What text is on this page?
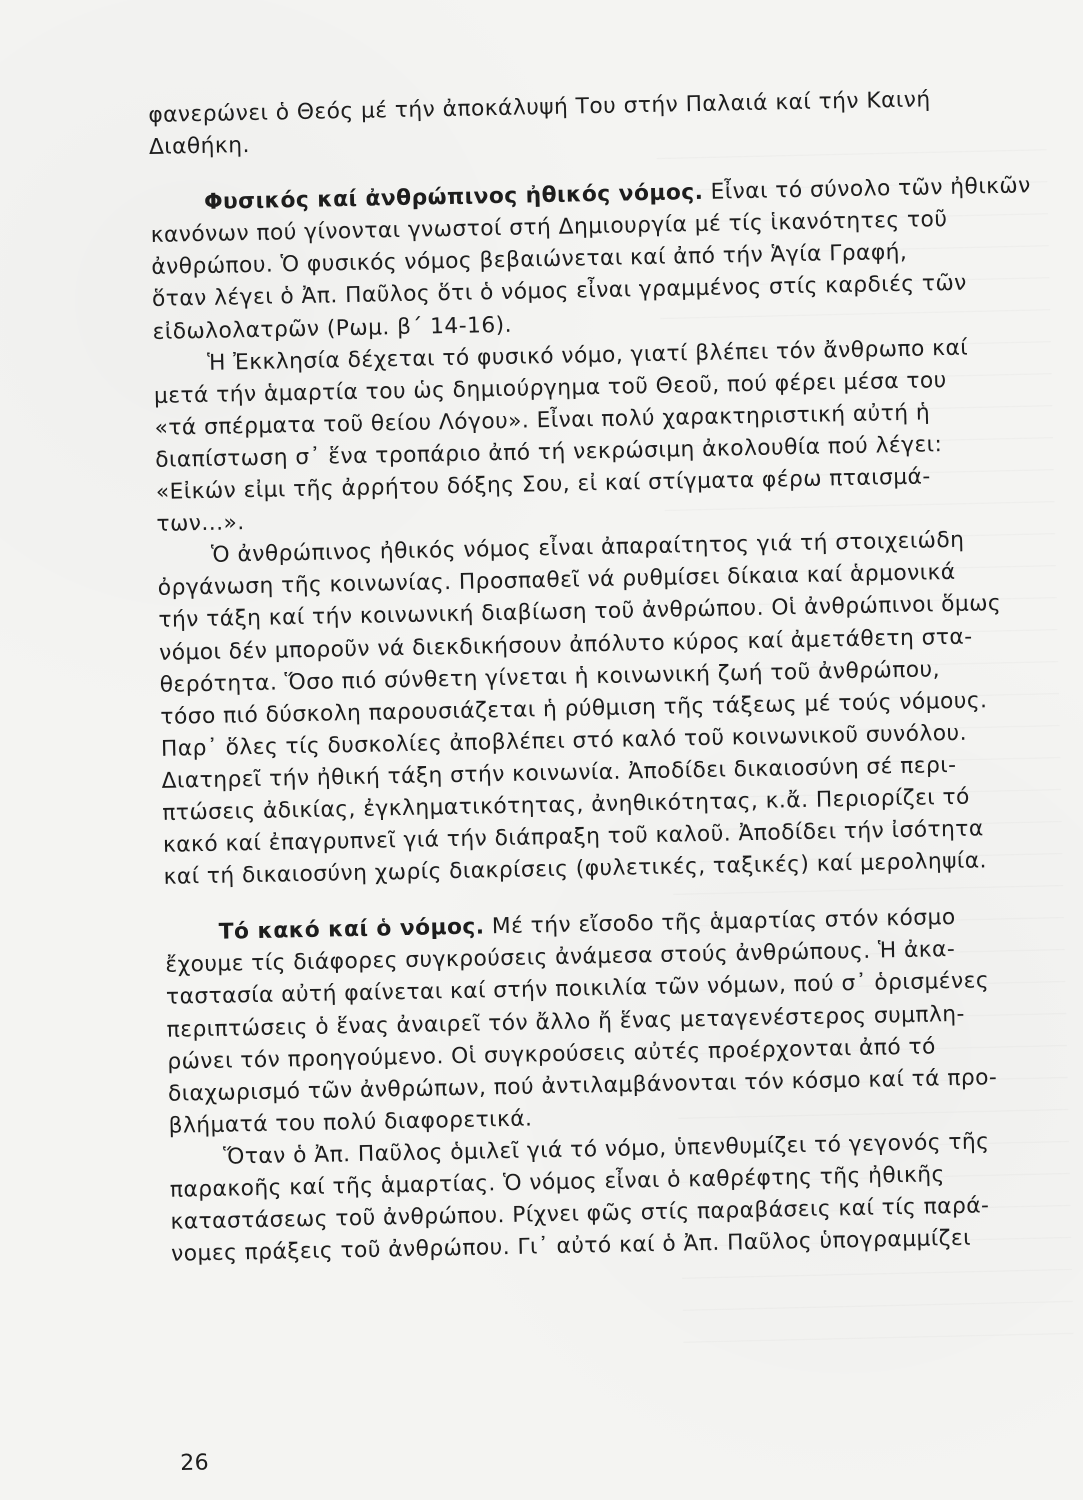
φανερώνει ὁ Θεός μέ τήν ἀποκάλυψή Του στήν Παλαιά καί τήν Καινή
Διαθήκη.
Φυσικός καί ἀνθρώπινος ἠθικός νόμος. Εἶναι τό σύνολο τῶν ἠθικῶν
κανόνων πού γίνονται γνωστοί στή Δημιουργία μέ τίς ἱκανότητες τοῦ
ἀνθρώπου. Ὁ φυσικός νόμος βεβαιώνεται καί ἀπό τήν Ἁγία Γραφή,
ὅταν λέγει ὁ Ἀπ. Παῦλος ὅτι ὁ νόμος εἶναι γραμμένος στίς καρδιές τῶν
εἰδωλολατρῶν (Ρωμ. β΄ 14-16).
Ἡ Ἐκκλησία δέχεται τό φυσικό νόμο, γιατί βλέπει τόν ἄνθρωπο καί
μετά τήν ἁμαρτία του ὡς δημιούργημα τοῦ Θεοῦ, πού φέρει μέσα του
«τά σπέρματα τοῦ θείου Λόγου». Εἶναι πολύ χαρακτηριστική αὐτή ἡ
διαπίστωση σ᾿ ἕνα τροπάριο ἀπό τή νεκρώσιμη ἀκολουθία πού λέγει:
«Εἰκών εἰμι τῆς ἀρρήτου δόξης Σου, εἰ καί στίγματα φέρω πταισμά-
των...».
Ὁ ἀνθρώπινος ἠθικός νόμος εἶναι ἀπαραίτητος γιά τή στοιχειώδη
ὀργάνωση τῆς κοινωνίας. Προσπαθεῖ νά ρυθμίσει δίκαια καί ἁρμονικά
τήν τάξη καί τήν κοινωνική διαβίωση τοῦ ἀνθρώπου. Οἱ ἀνθρώπινοι ὅμως
νόμοι δέν μποροῦν νά διεκδικήσουν ἀπόλυτο κύρος καί ἀμετάθετη στα-
θερότητα. Ὅσο πιό σύνθετη γίνεται ἡ κοινωνική ζωή τοῦ ἀνθρώπου,
τόσο πιό δύσκολη παρουσιάζεται ἡ ρύθμιση τῆς τάξεως μέ τούς νόμους.
Παρ᾿ ὅλες τίς δυσκολίες ἀποβλέπει στό καλό τοῦ κοινωνικοῦ συνόλου.
Διατηρεῖ τήν ἠθική τάξη στήν κοινωνία. Ἀποδίδει δικαιοσύνη σέ περι-
πτώσεις ἀδικίας, ἐγκληματικότητας, ἀνηθικότητας, κ.ἄ. Περιορίζει τό
κακό καί ἐπαγρυπνεῖ γιά τήν διάπραξη τοῦ καλοῦ. Ἀποδίδει τήν ἰσότητα
καί τή δικαιοσύνη χωρίς διακρίσεις (φυλετικές, ταξικές) καί μεροληψία.
Τό κακό καί ὁ νόμος. Μέ τήν εἴσοδο τῆς ἁμαρτίας στόν κόσμο
ἔχουμε τίς διάφορες συγκρούσεις ἀνάμεσα στούς ἀνθρώπους. Ἡ ἀκα-
ταστασία αὐτή φαίνεται καί στήν ποικιλία τῶν νόμων, πού σ᾿ ὁρισμένες
περιπτώσεις ὁ ἕνας ἀναιρεῖ τόν ἄλλο ἤ ἕνας μεταγενέστερος συμπλη-
ρώνει τόν προηγούμενο. Οἱ συγκρούσεις αὐτές προέρχονται ἀπό τό
διαχωρισμό τῶν ἀνθρώπων, πού ἀντιλαμβάνονται τόν κόσμο καί τά προ-
βλήματά του πολύ διαφορετικά.
Ὅταν ὁ Ἀπ. Παῦλος ὁμιλεῖ γιά τό νόμο, ὑπενθυμίζει τό γεγονός τῆς
παρακοῆς καί τῆς ἁμαρτίας. Ὁ νόμος εἶναι ὁ καθρέφτης τῆς ἠθικῆς
καταστάσεως τοῦ ἀνθρώπου. Ρίχνει φῶς στίς παραβάσεις καί τίς παρά-
νομες πράξεις τοῦ ἀνθρώπου. Γι᾿ αὐτό καί ὁ Ἀπ. Παῦλος ὑπογραμμίζει
26
